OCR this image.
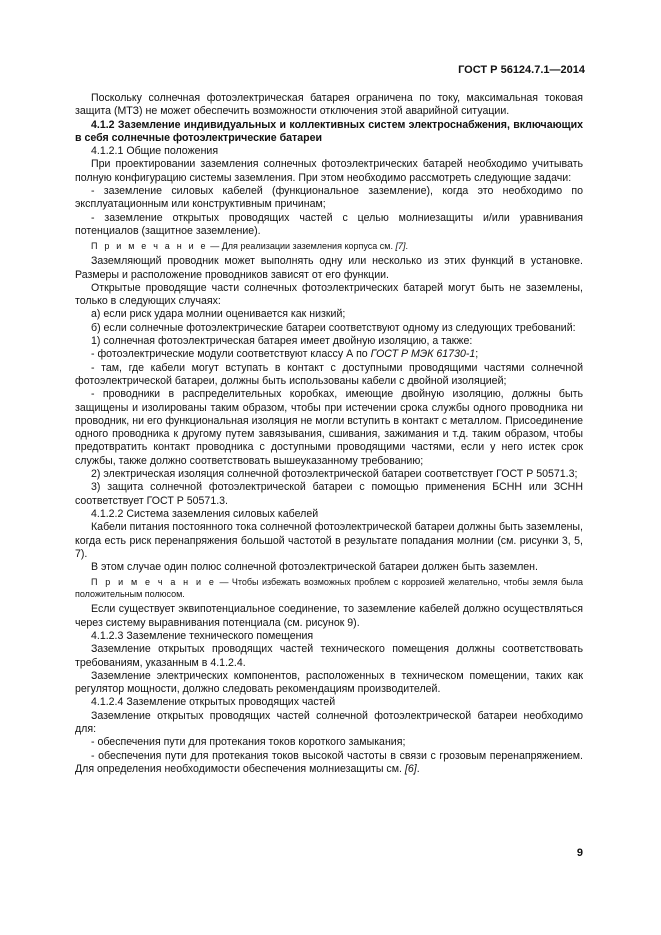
ГОСТ Р 56124.7.1—2014

Поскольку солнечная фотоэлектрическая батарея ограничена по току, максимальная токовая защита (МТЗ) не может обеспечить возможности отключения этой аварийной ситуации.

4.1.2 Заземление индивидуальных и коллективных систем электроснабжения, включающих в себя солнечные фотоэлектрические батареи

4.1.2.1 Общие положения

При проектировании заземления солнечных фотоэлектрических батарей необходимо учитывать полную конфигурацию системы заземления. При этом необходимо рассмотреть следующие задачи:

- заземление силовых кабелей (функциональное заземление), когда это необходимо по эксплуатационным или конструктивным причинам;

- заземление открытых проводящих частей с целью молниезащиты и/или уравнивания потенциалов (защитное заземление).

П р и м е ч а н и е — Для реализации заземления корпуса см. [7].

Заземляющий проводник может выполнять одну или несколько из этих функций в установке. Размеры и расположение проводников зависят от его функции.

Открытые проводящие части солнечных фотоэлектрических батарей могут быть не заземлены, только в следующих случаях:

а) если риск удара молнии оценивается как низкий;

б) если солнечные фотоэлектрические батареи соответствуют одному из следующих требований:

1) солнечная фотоэлектрическая батарея имеет двойную изоляцию, а также:

- фотоэлектрические модули соответствуют классу А по ГОСТ Р МЭК 61730-1;

- там, где кабели могут вступать в контакт с доступными проводящими частями солнечной фотоэлектрической батареи, должны быть использованы кабели с двойной изоляцией;

- проводники в распределительных коробках, имеющие двойную изоляцию, должны быть защищены и изолированы таким образом, чтобы при истечении срока службы одного проводника ни проводник, ни его функциональная изоляция не могли вступить в контакт с металлом. Присоединение одного проводника к другому путем завязывания, сшивания, зажимания и т.д. таким образом, чтобы предотвратить контакт проводника с доступными проводящими частями, если у него истек срок службы, также должно соответствовать вышеуказанному требованию;

2) электрическая изоляция солнечной фотоэлектрической батареи соответствует ГОСТ Р 50571.3;

3) защита солнечной фотоэлектрической батареи с помощью применения БСНН или ЗСНН соответствует ГОСТ Р 50571.3.

4.1.2.2 Система заземления силовых кабелей

Кабели питания постоянного тока солнечной фотоэлектрической батареи должны быть заземлены, когда есть риск перенапряжения большой частотой в результате попадания молнии (см. рисунки 3, 5, 7).

В этом случае один полюс солнечной фотоэлектрической батареи должен быть заземлен.

П р и м е ч а н и е — Чтобы избежать возможных проблем с коррозией желательно, чтобы земля была положительным полюсом.

Если существует эквипотенциальное соединение, то заземление кабелей должно осуществляться через систему выравнивания потенциала (см. рисунок 9).

4.1.2.3 Заземление технического помещения

Заземление открытых проводящих частей технического помещения должны соответствовать требованиям, указанным в 4.1.2.4.

Заземление электрических компонентов, расположенных в техническом помещении, таких как регулятор мощности, должно следовать рекомендациям производителей.

4.1.2.4 Заземление открытых проводящих частей

Заземление открытых проводящих частей солнечной фотоэлектрической батареи необходимо для:

- обеспечения пути для протекания токов короткого замыкания;

- обеспечения пути для протекания токов высокой частоты в связи с грозовым перенапряжением. Для определения необходимости обеспечения молниезащиты см. [6].

9
